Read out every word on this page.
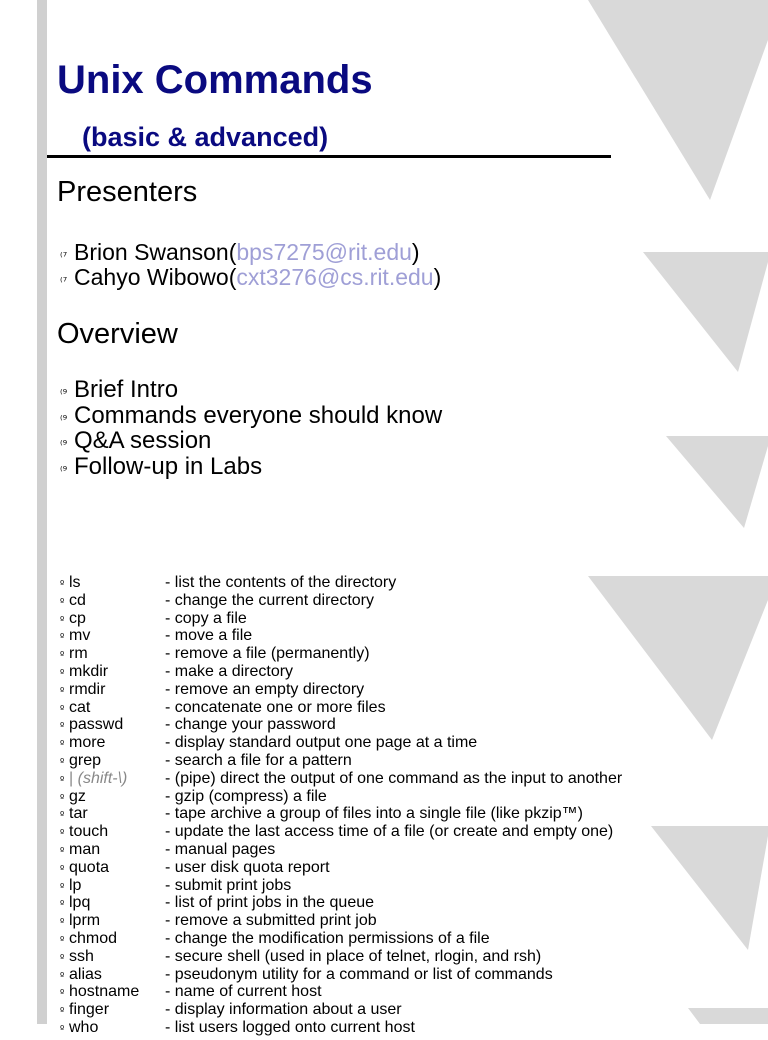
Unix Commands
(basic & advanced)
Presenters
⁽⁷ Brion Swanson ( bps7275@rit.edu )
⁽⁷ Cahyo Wibowo ( cxt3276@cs.rit.edu )
Overview
⁽⁹ Brief Intro
⁽⁹ Commands everyone should know
⁽⁹ Q&A session
⁽⁹ Follow-up in Labs
º ls	- list the contents of the directory
º cd	- change the current directory
º cp	- copy a file
º mv	- move a file
º rm	- remove a file (permanently)
º mkdir	- make a directory
º rmdir	- remove an empty directory
º cat	- concatenate one or more files
º passwd	- change your password
º more	- display standard output one page at a time
º grep	- search a file for a pattern
º | (shift-\)	- (pipe) direct the output of one command as the input to another
º gz	- gzip (compress) a file
º tar	- tape archive a group of files into a single file (like pkzip™)
º touch	- update the last access time of a file (or create and empty one)
º man	- manual pages
º quota	- user disk quota report
º lp	- submit print jobs
º lpq	- list of print jobs in the queue
º lprm	- remove a submitted print job
º chmod	- change the modification permissions of a file
º ssh	- secure shell (used in place of telnet, rlogin, and rsh)
º alias	- pseudonym utility for a command or list of commands
º hostname	- name of current host
º finger	- display information about a user
º who	- list users logged onto current host
